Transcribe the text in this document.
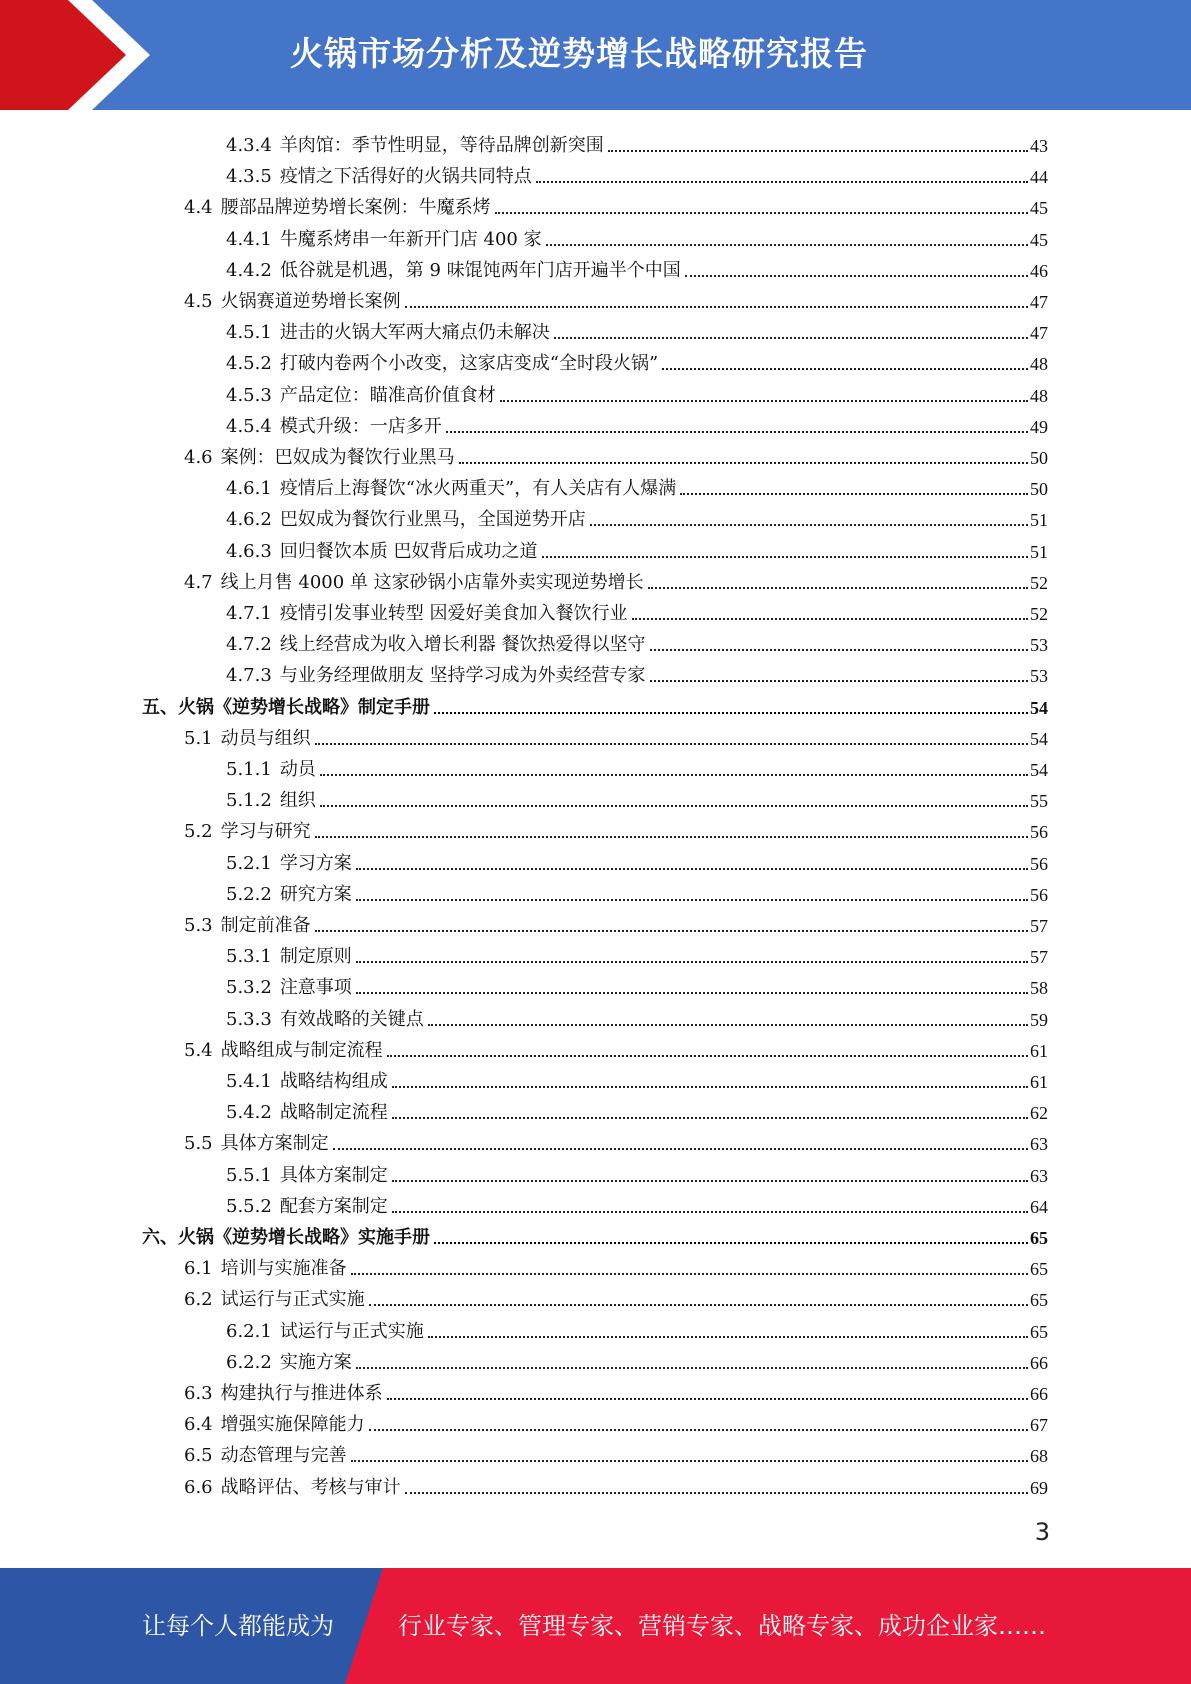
火锅市场分析及逆势增长战略研究报告
4.3.4 羊肉馆：季节性明显，等待品牌创新突围	43
4.3.5 疫情之下活得好的火锅共同特点	44
4.4 腰部品牌逆势增长案例：牛魔系烤	45
4.4.1 牛魔系烤串一年新开门店 400 家	45
4.4.2 低谷就是机遇，第 9 味馄饨两年门店开遍半个中国	46
4.5 火锅赛道逆势增长案例	47
4.5.1 进击的火锅大军两大痛点仍未解决	47
4.5.2 打破内卷两个小改变，这家店变成“全时段火锅”	48
4.5.3 产品定位：瞄准高价值食材	48
4.5.4 模式升级：一店多开	49
4.6 案例：巴奴成为餐饮行业黑马	50
4.6.1 疫情后上海餐饮“冰火两重天”，有人关店有人爆满	50
4.6.2 巴奴成为餐饮行业黑马，全国逆势开店	51
4.6.3 回归餐饮本质 巴奴背后成功之道	51
4.7 线上月售 4000 单 这家砂锅小店靠外卖实现逆势增长	52
4.7.1 疫情引发事业转型 因爱好美食加入餐饮行业	52
4.7.2 线上经营成为收入增长利器 餐饮热爱得以坚守	53
4.7.3 与业务经理做朋友 坚持学习成为外卖经营专家	53
五、火锅《逆势增长战略》制定手册	54
5.1 动员与组织	54
5.1.1 动员	54
5.1.2 组织	55
5.2 学习与研究	56
5.2.1 学习方案	56
5.2.2 研究方案	56
5.3 制定前准备	57
5.3.1 制定原则	57
5.3.2 注意事项	58
5.3.3 有效战略的关键点	59
5.4 战略组成与制定流程	61
5.4.1 战略结构组成	61
5.4.2 战略制定流程	62
5.5 具体方案制定	63
5.5.1 具体方案制定	63
5.5.2 配套方案制定	64
六、火锅《逆势增长战略》实施手册	65
6.1 培训与实施准备	65
6.2 试运行与正式实施	65
6.2.1 试运行与正式实施	65
6.2.2 实施方案	66
6.3 构建执行与推进体系	66
6.4 增强实施保障能力	67
6.5 动态管理与完善	68
6.6 战略评估、考核与审计	69
3
让每个人都能成为	行业专家、管理专家、营销专家、战略专家、成功企业家……
